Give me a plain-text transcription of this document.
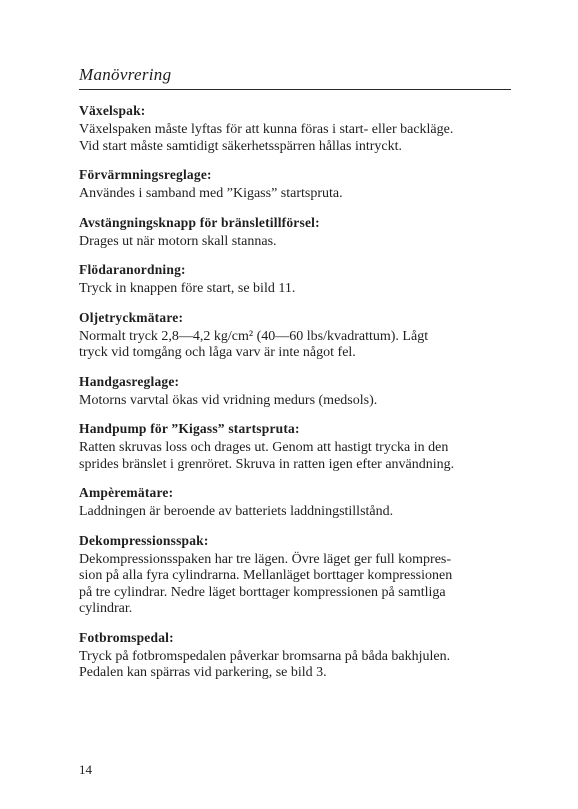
Manövrering
Växelspak:

Växelspaken måste lyftas för att kunna föras i start- eller backläge.
Vid start måste samtidigt säkerhetsspärren hållas intryckt.

Förvärmningsreglage:

Användes i samband med ”Kigass” startspruta.

Avstängningsknapp för bränsletillförsel:

Drages ut när motorn skall stannas.

Flödaranordning:

Tryck in knappen före start, se bild 11.

Oljetryckmätare:

Normalt tryck 2,8—4,2 kg/cm² (40—60 lbs/kvadrattum). Lågt
tryck vid tomgång och låga varv är inte något fel.

Handgasreglage:

Motorns varvtal ökas vid vridning medurs (medsols).

Handpump för ”Kigass” startspruta:

Ratten skruvas loss och drages ut. Genom att hastigt trycka in den
sprides bränslet i grenröret. Skruva in ratten igen efter användning.

Ampèremätare:

Laddningen är beroende av batteriets laddningstillstånd.

Dekompressionsspak:

Dekompressionsspaken har tre lägen. Övre läget ger full kompres-
sion på alla fyra cylindrarna. Mellanläget borttager kompressionen
på tre cylindrar. Nedre läget borttager kompressionen på samtliga
cylindrar.

Fotbromspedal:

Tryck på fotbromspedalen påverkar bromsarna på båda bakhjulen.
Pedalen kan spärras vid parkering, se bild 3.

14
